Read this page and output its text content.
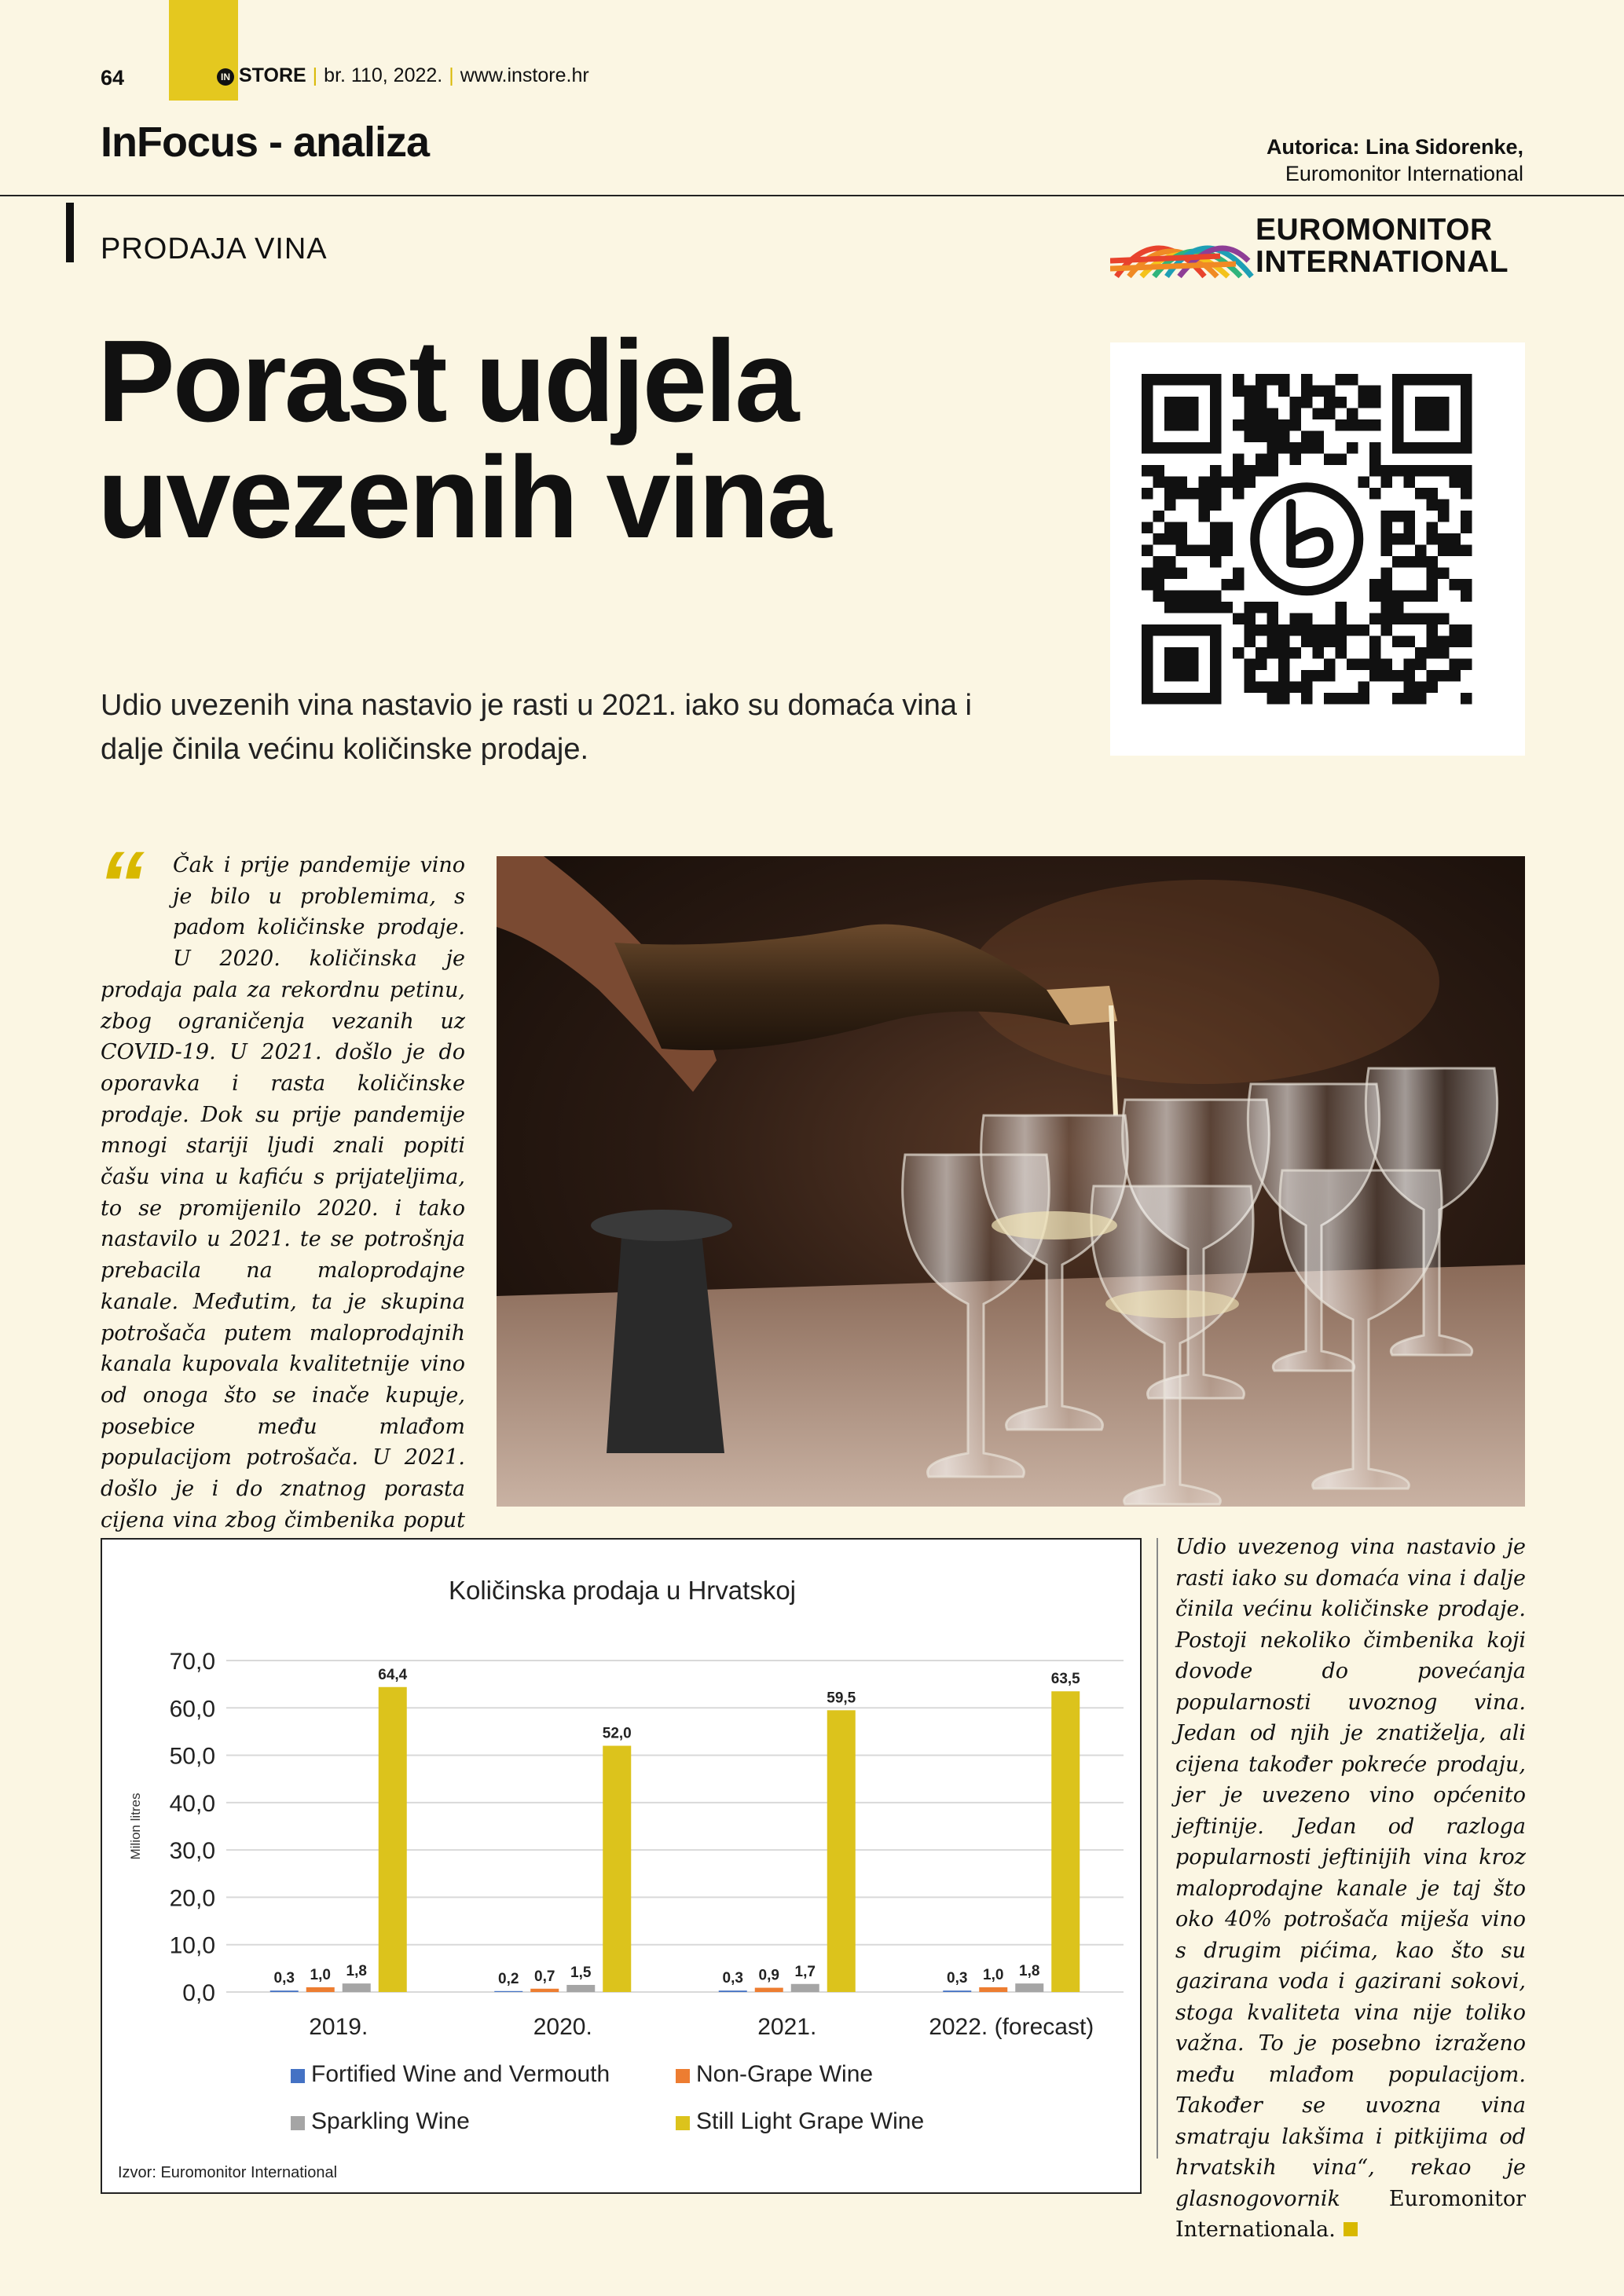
64	IN STORE | br. 110, 2022. | www.instore.hr
InFocus - analiza	Autorica: Lina Sidorenke,
Euromonitor International
PRODAJA VINA
EUROMONITOR
INTERNATIONAL
Porast udjela uvezenih vina
Udio uvezenih vina nastavio je rasti u 2021. iako su domaća vina i dalje činila većinu količinske prodaje.
“	Čak i prije pandemije vino je bilo u problemima, s padom količinske prodaje. U 2020. količinska je prodaja pala za rekordnu petinu, zbog ograničenja vezanih uz COVID-19. U 2021. došlo je do oporavka i rasta količinske prodaje. Dok su prije pandemije mnogi stariji ljudi znali popiti čašu vina u kafiću s prijateljima, to se promijenilo 2020. i tako nastavilo u 2021. te se potrošnja prebacila na maloprodajne kanale. Međutim, ta je skupina potrošača putem maloprodajnih kanala kupovala kvalitetnije vino od onoga što se inače kupuje, posebice među mlađom populacijom potrošača. U 2021. došlo je i do znatnog porasta cijena vina zbog čimbenika poput
Količinska prodaja u Hrvatskoj
0,0
10,0
20,0
30,0
40,0
50,0
60,0
70,0
Milion litres
0,3 1,0 1,8
64,4
2019.
0,2 0,7 1,5
52,0
2020.
0,3 0,9 1,7
59,5
2021.
0,3 1,0 1,8
63,5
2022. (forecast)
Fortified Wine and Vermouth	Non-Grape Wine
Sparkling Wine	Still Light Grape Wine
Izvor: Euromonitor International
Udio uvezenog vina nastavio je rasti iako su domaća vina i dalje činila većinu količinske prodaje. Postoji nekoliko čimbenika koji dovode do povećanja popularnosti uvoznog vina. Jedan od njih je znatiželja, ali cijena također pokreće prodaju, jer je uvezeno vino općenito jeftinije. Jedan od razloga popularnosti jeftinijih vina kroz maloprodajne kanale je taj što oko 40% potrošača miješa vino s drugim pićima, kao što su gazirana voda i gazirani sokovi, stoga kvaliteta vina nije toliko važna. To je posebno izraženo među mlađom populacijom. Također se uvozna vina smatraju lakšima i pitkijima od hrvatskih vina“, rekao je glasnogovornik Euromonitor Internationala.
